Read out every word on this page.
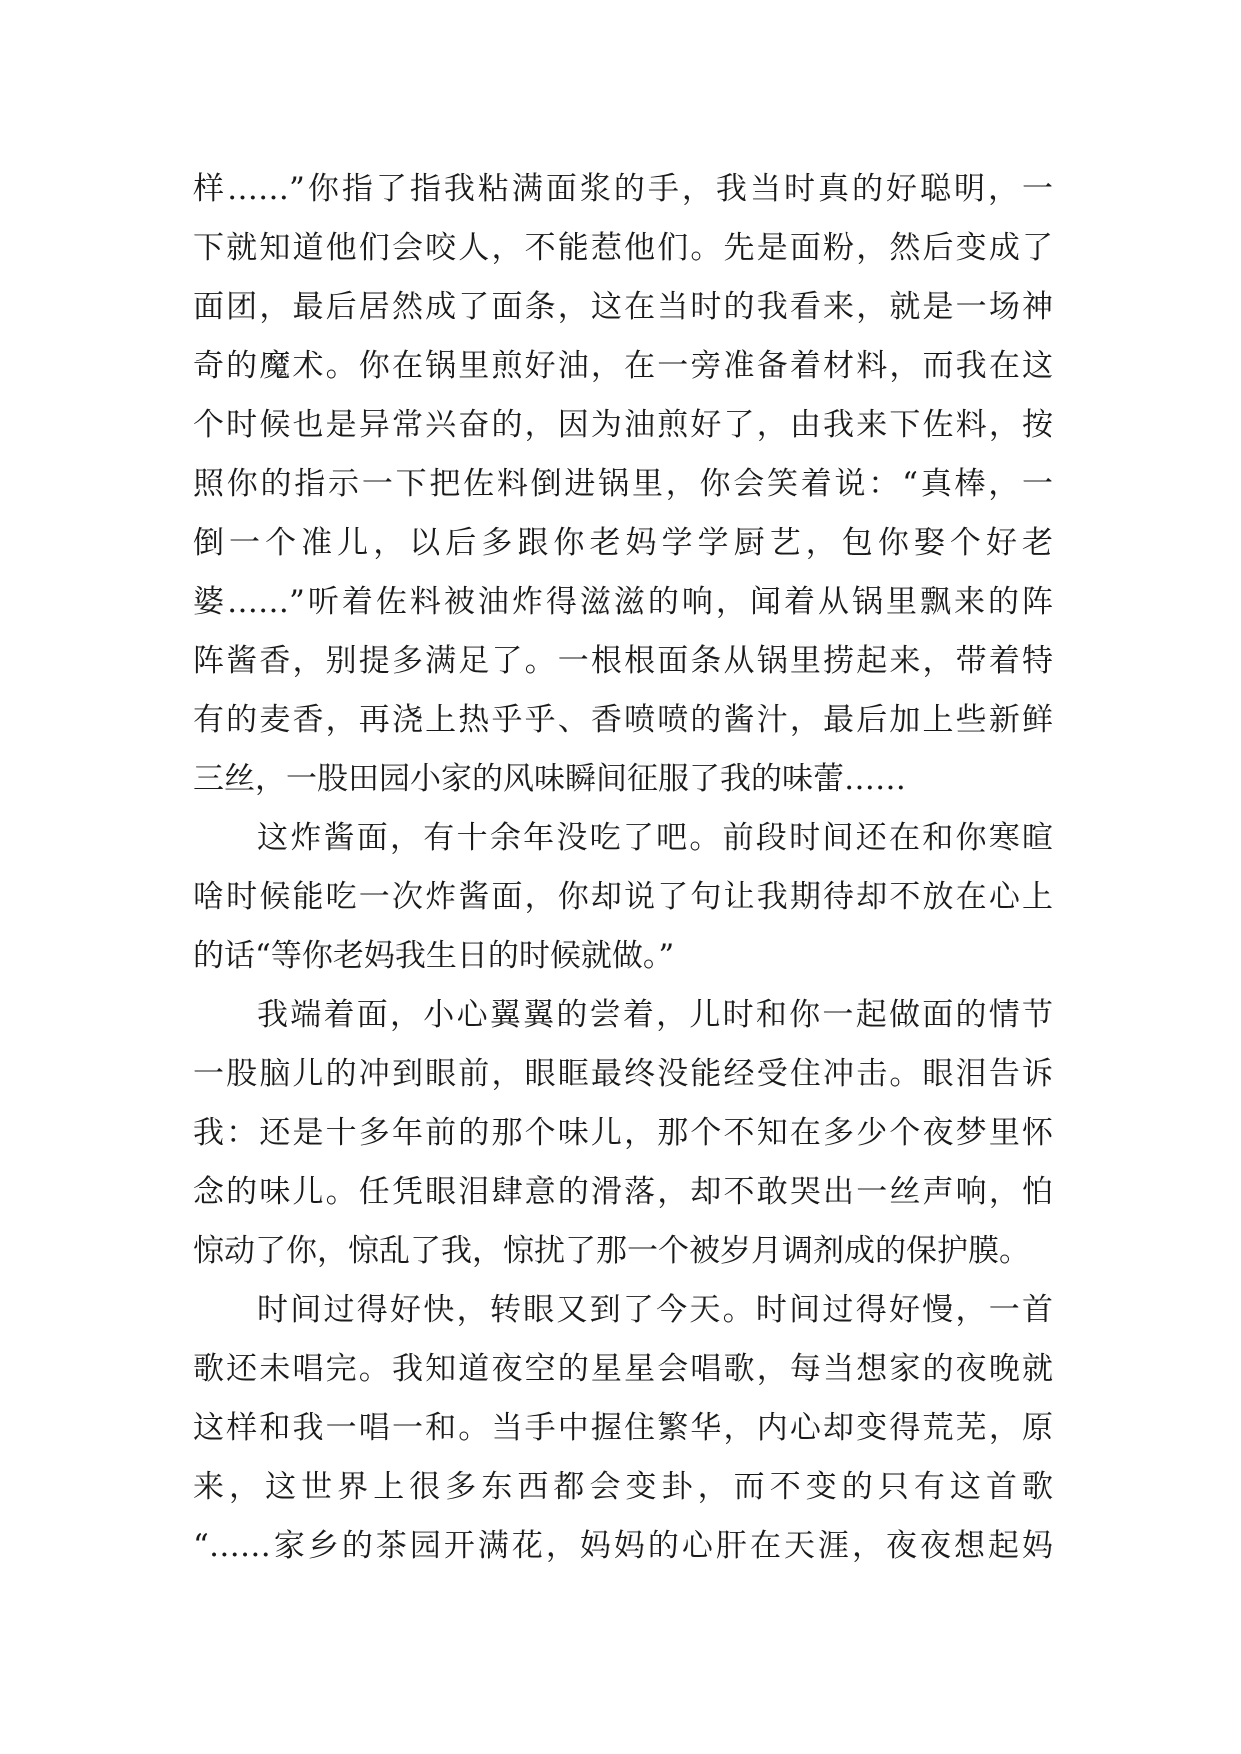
样……”你指了指我粘满面浆的手，我当时真的好聪明，一
下就知道他们会咬人，不能惹他们。先是面粉，然后变成了
面团，最后居然成了面条，这在当时的我看来，就是一场神
奇的魔术。你在锅里煎好油，在一旁准备着材料，而我在这
个时候也是异常兴奋的，因为油煎好了，由我来下佐料，按
照你的指示一下把佐料倒进锅里，你会笑着说：“真棒，一
倒一个准儿，以后多跟你老妈学学厨艺，包你娶个好老
婆……”听着佐料被油炸得滋滋的响，闻着从锅里飘来的阵
阵酱香，别提多满足了。一根根面条从锅里捞起来，带着特
有的麦香，再浇上热乎乎、香喷喷的酱汁，最后加上些新鲜
三丝，一股田园小家的风味瞬间征服了我的味蕾……
这炸酱面，有十余年没吃了吧。前段时间还在和你寒暄
啥时候能吃一次炸酱面，你却说了句让我期待却不放在心上
的话“等你老妈我生日的时候就做。”
我端着面，小心翼翼的尝着，儿时和你一起做面的情节
一股脑儿的冲到眼前，眼眶最终没能经受住冲击。眼泪告诉
我：还是十多年前的那个味儿，那个不知在多少个夜梦里怀
念的味儿。任凭眼泪肆意的滑落，却不敢哭出一丝声响，怕
惊动了你，惊乱了我，惊扰了那一个被岁月调剂成的保护膜。
时间过得好快，转眼又到了今天。时间过得好慢，一首
歌还未唱完。我知道夜空的星星会唱歌，每当想家的夜晚就
这样和我一唱一和。当手中握住繁华，内心却变得荒芜，原
来，这世界上很多东西都会变卦，而不变的只有这首歌
“……家乡的茶园开满花，妈妈的心肝在天涯，夜夜想起妈
